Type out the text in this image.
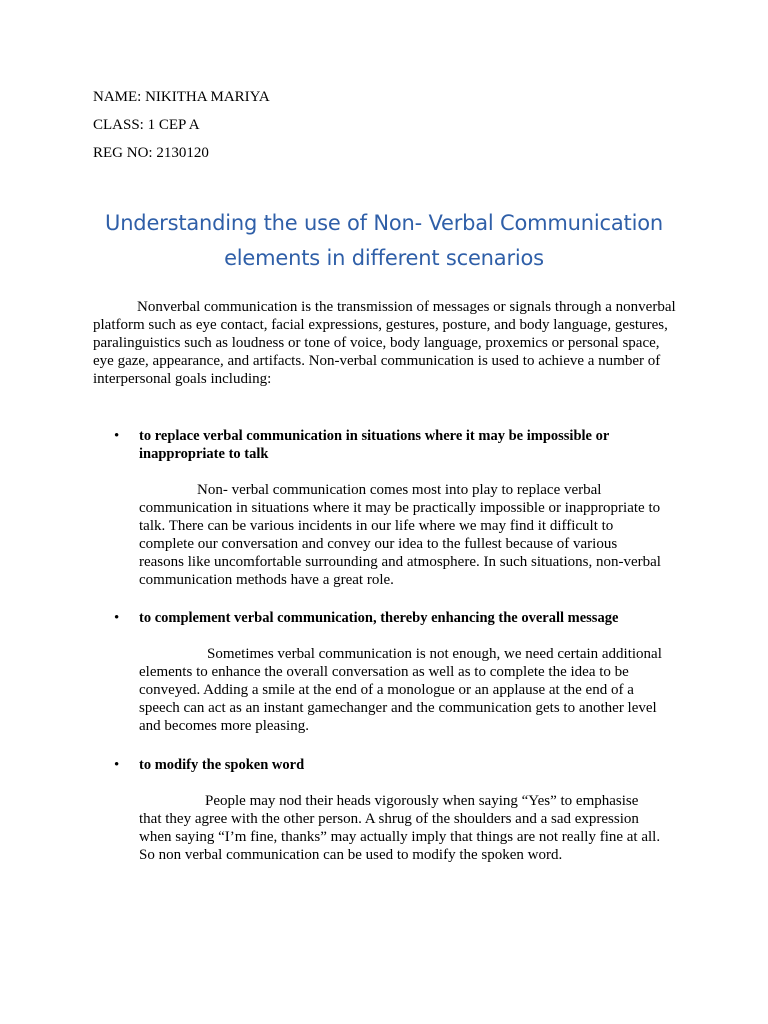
NAME: NIKITHA MARIYA
CLASS: 1 CEP A
REG NO: 2130120
Understanding the use of Non- Verbal Communication
elements in different scenarios

Nonverbal communication is the transmission of messages or signals through a nonverbal platform such as eye contact, facial expressions, gestures, posture, and body language, gestures, paralinguistics such as loudness or tone of voice, body language, proxemics or personal space, eye gaze, appearance, and artifacts. Non-verbal communication is used to achieve a number of interpersonal goals including:

• to replace verbal communication in situations where it may be impossible or inappropriate to talk

Non- verbal communication comes most into play to replace verbal communication in situations where it may be practically impossible or inappropriate to talk. There can be various incidents in our life where we may find it difficult to complete our conversation and convey our idea to the fullest because of various reasons like uncomfortable surrounding and atmosphere. In such situations, non-verbal communication methods have a great role.

• to complement verbal communication, thereby enhancing the overall message

Sometimes verbal communication is not enough, we need certain additional elements to enhance the overall conversation as well as to complete the idea to be conveyed. Adding a smile at the end of a monologue or an applause at the end of a speech can act as an instant gamechanger and the communication gets to another level and becomes more pleasing.

• to modify the spoken word

People may nod their heads vigorously when saying “Yes” to emphasise that they agree with the other person. A shrug of the shoulders and a sad expression when saying “I’m fine, thanks” may actually imply that things are not really fine at all. So non verbal communication can be used to modify the spoken word.
